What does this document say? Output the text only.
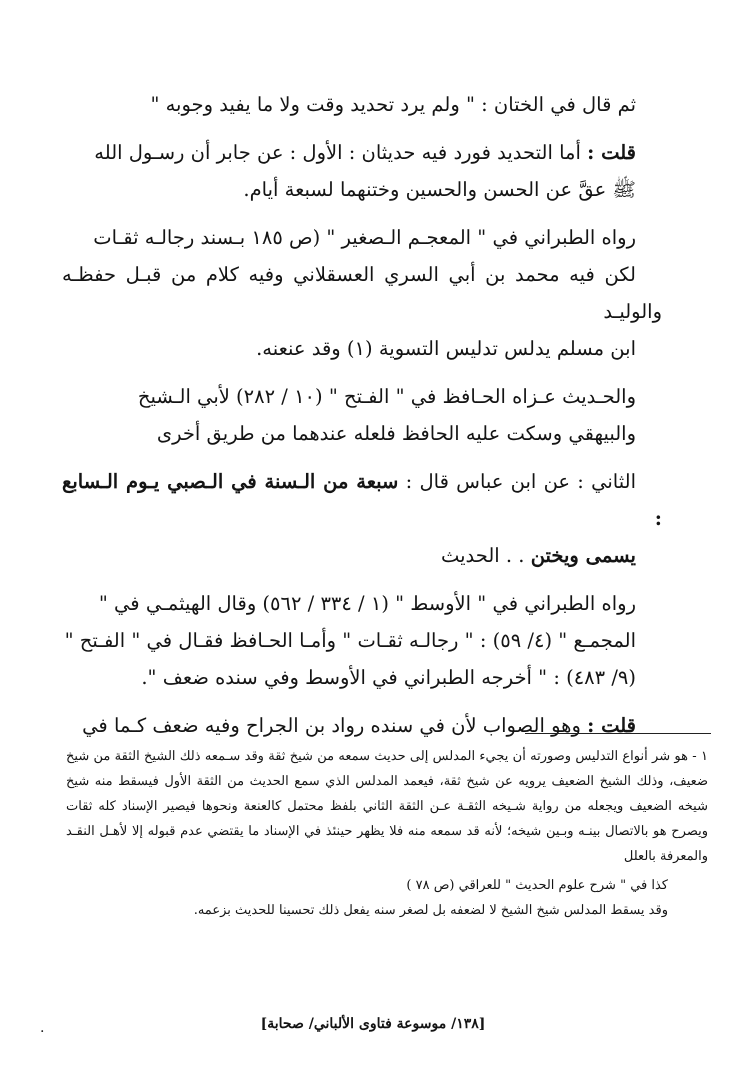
ثم قال في الختان : " ولم يرد تحديد وقت ولا ما يفيد وجوبه "

قلت : أما التحديد فورد فيه حديثان : الأول : عن جابر أن رسـول الله
ﷺ عقَّ عن الحسن والحسين وختنهما لسبعة أيام.

رواه الطبراني في " المعجـم الـصغير " (ص ١٨٥ بـسند رجالـه ثقـات
لكن فيه محمد بن أبي السري العسقلاني وفيه كلام من قبـل حفظـه والوليـد
ابن مسلم يدلس تدليس التسوية (١) وقد عنعنه.

والحـديث عـزاه الحـافظ في " الفـتح " (١٠ / ٢٨٢) لأبي الـشيخ
والبيهقي وسكت عليه الحافظ فلعله عندهما من طريق أخرى

الثاني : عن ابن عباس قال : سبعة من الـسنة في الـصبي يـوم الـسابع :
يسمى ويختن . . الحديث

رواه الطبراني في " الأوسط " (١ / ٣٣٤ / ٥٦٢) وقال الهيثمـي في "
المجمـع " (٤/ ٥٩) : " رجالـه ثقـات " وأمـا الحـافظ فقـال في " الفـتح "
(٩/ ٤٨٣) : " أخرجه الطبراني في الأوسط وفي سنده ضعف ".

قلت : وهو الصواب لأن في سنده رواد بن الجراح وفيه ضعف كـما في

١ - هو شر أنواع التدليس وصورته أن يجيء المدلس إلى حديث سمعه من شيخ ثقة وقد سـمعه ذلك الشيخ الثقة من شيخ ضعيف، وذلك الشيخ الضعيف يرويه عن شيخ ثقة، فيعمد المدلس الذي سمع الحديث من الثقة الأول فيسقط منه شيخ شيخه الضعيف ويجعله من رواية شـيخه الثقـة عـن الثقة الثاني بلفظ محتمل كالعنعة ونحوها فيصير الإسناد كله ثقات ويصرح هو بالاتصال بينـه وبـين شيخه؛ لأنه قد سمعه منه فلا يظهر حينئذ في الإسناد ما يقتضي عدم قبوله إلا لأهـل النقـد والمعرفة بالعلل

كذا في " شرح علوم الحديث " للعراقي (ص ٧٨ )

وقد يسقط المدلس شيخ الشيخ لا لضعفه بل لصغر سنه يفعل ذلك تحسينا للحديث بزعمه.

[١٣٨/ موسوعة فتاوى الألباني/ صحابة]
.
